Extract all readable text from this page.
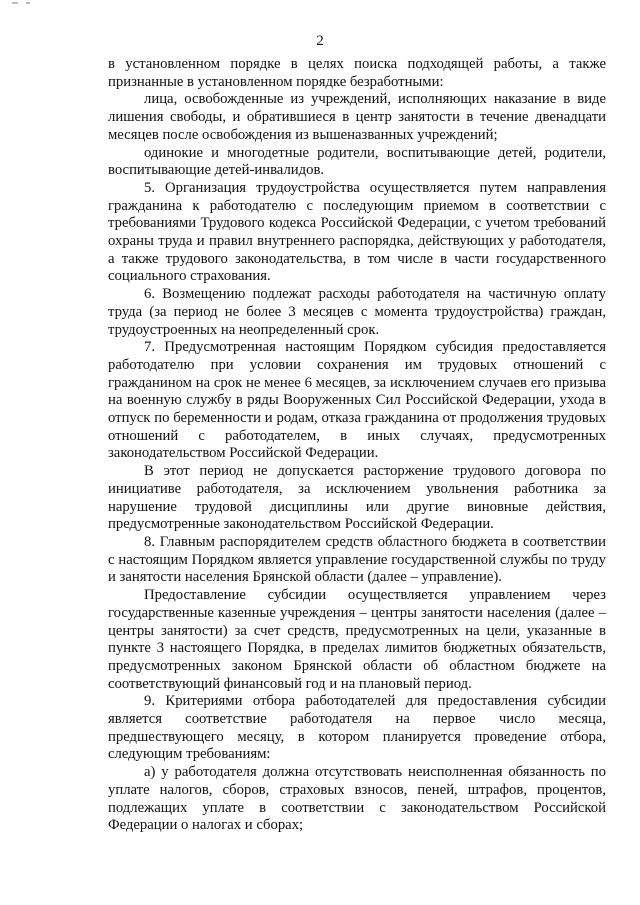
2

в установленном порядке в целях поиска подходящей работы, а также признанные в установленном порядке безработными:

лица, освобожденные из учреждений, исполняющих наказание в виде лишения свободы, и обратившиеся в центр занятости в течение двенадцати месяцев после освобождения из вышеназванных учреждений;

одинокие и многодетные родители, воспитывающие детей, родители, воспитывающие детей-инвалидов.

5. Организация трудоустройства осуществляется путем направления гражданина к работодателю с последующим приемом в соответствии с требованиями Трудового кодекса Российской Федерации, с учетом требований охраны труда и правил внутреннего распорядка, действующих у работодателя, а также трудового законодательства, в том числе в части государственного социального страхования.

6. Возмещению подлежат расходы работодателя на частичную оплату труда (за период не более 3 месяцев с момента трудоустройства) граждан, трудоустроенных на неопределенный срок.

7. Предусмотренная настоящим Порядком субсидия предоставляется работодателю при условии сохранения им трудовых отношений с гражданином на срок не менее 6 месяцев, за исключением случаев его призыва на военную службу в ряды Вооруженных Сил Российской Федерации, ухода в отпуск по беременности и родам, отказа гражданина от продолжения трудовых отношений с работодателем, в иных случаях, предусмотренных законодательством Российской Федерации.

В этот период не допускается расторжение трудового договора по инициативе работодателя, за исключением увольнения работника за нарушение трудовой дисциплины или другие виновные действия, предусмотренные законодательством Российской Федерации.

8. Главным распорядителем средств областного бюджета в соответствии с настоящим Порядком является управление государственной службы по труду и занятости населения Брянской области (далее – управление).

Предоставление субсидии осуществляется управлением через государственные казенные учреждения – центры занятости населения (далее – центры занятости) за счет средств, предусмотренных на цели, указанные в пункте 3 настоящего Порядка, в пределах лимитов бюджетных обязательств, предусмотренных законом Брянской области об областном бюджете на соответствующий финансовый год и на плановый период.

9. Критериями отбора работодателей для предоставления субсидии является соответствие работодателя на первое число месяца, предшествующего месяцу, в котором планируется проведение отбора, следующим требованиям:

а) у работодателя должна отсутствовать неисполненная обязанность по уплате налогов, сборов, страховых взносов, пеней, штрафов, процентов, подлежащих уплате в соответствии с законодательством Российской Федерации о налогах и сборах;
